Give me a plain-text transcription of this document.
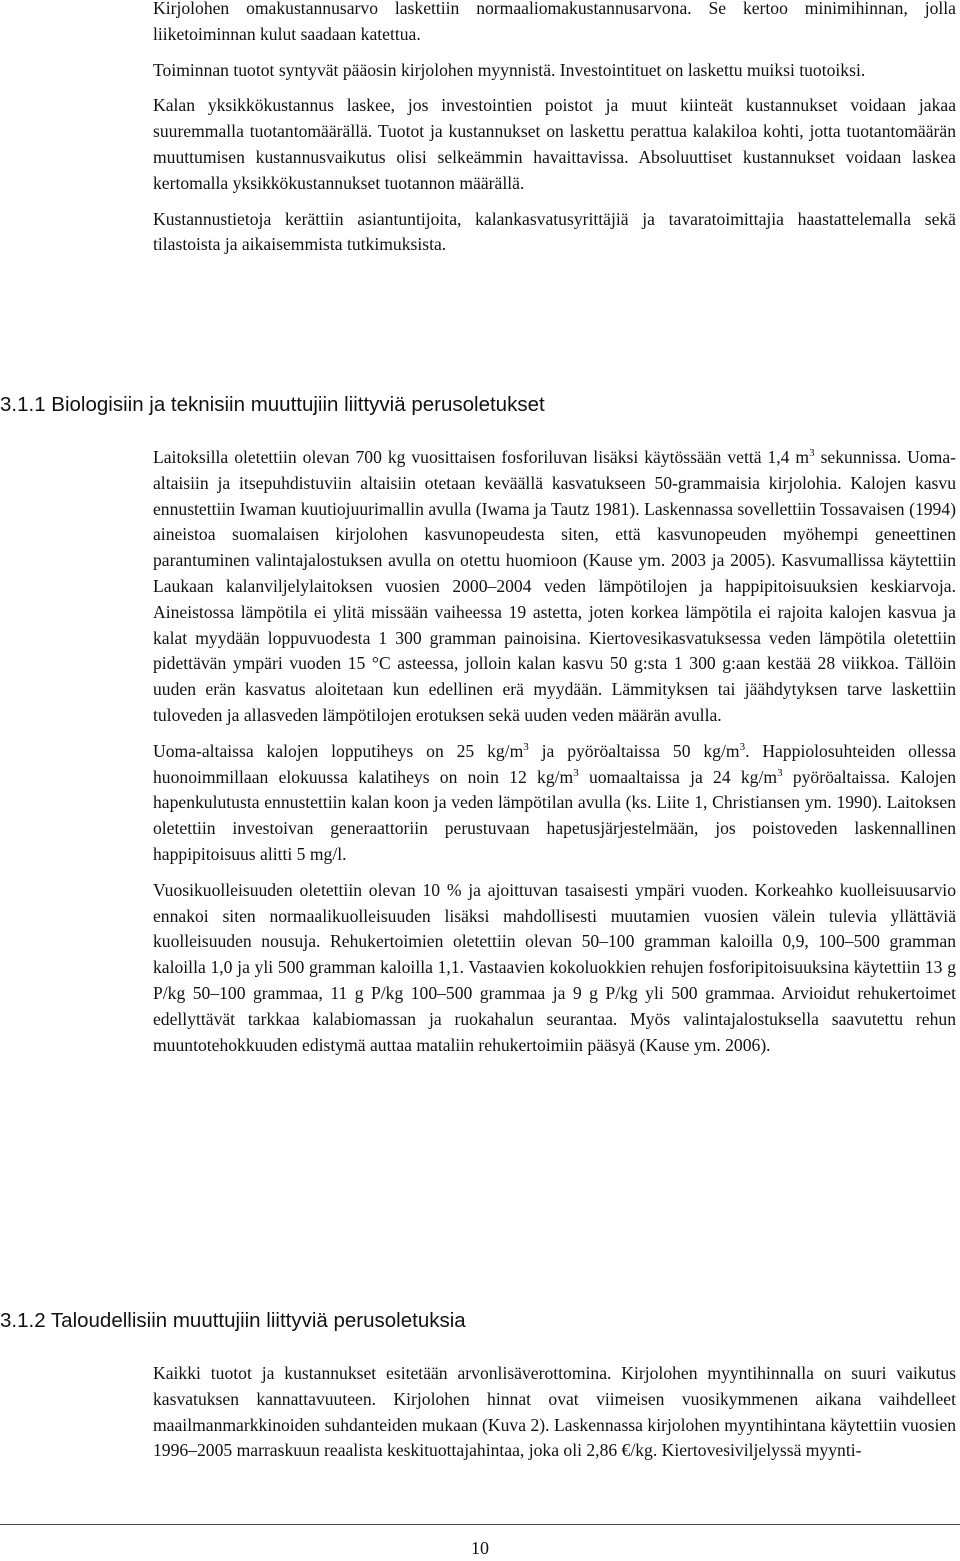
Kirjolohen omakustannusarvo laskettiin normaaliomakustannusarvona. Se kertoo minimihinnan, jolla liiketoiminnan kulut saadaan katettua.

Toiminnan tuotot syntyvät pääosin kirjolohen myynnistä. Investointituet on laskettu muiksi tuotoiksi.

Kalan yksikkökustannus laskee, jos investointien poistot ja muut kiinteät kustannukset voidaan jakaa suuremmalla tuotantomäärällä. Tuotot ja kustannukset on laskettu perattua kalakiloa kohti, jotta tuotantomäärän muuttumisen kustannusvaikutus olisi selkeämmin havaittavissa. Absoluuttiset kustannukset voidaan laskea kertomalla yksikkökustannukset tuotannon määrällä.

Kustannustietoja kerättiin asiantuntijoita, kalankasvatusyrittäjiä ja tavaratoimittajia haastattelemalla sekä tilastoista ja aikaisemmista tutkimuksista.

3.1.1 Biologisiin ja teknisiin muuttujiin liittyviä perusoletukset

Laitoksilla oletettiin olevan 700 kg vuosittaisen fosforiluvan lisäksi käytössään vettä 1,4 $m^3$ sekunnissa. Uoma-altaisiin ja itsepuhdistuviin altaisiin otetaan keväällä kasvatukseen 50-grammaisia kirjolohia. Kalojen kasvu ennustettiin Iwaman kuutiojuurimallin avulla (Iwama ja Tautz 1981). Laskennassa sovellettiin Tossavaisen (1994) aineistoa suomalaisen kirjolohen kasvunopeudesta siten, että kasvunopeuden myöhempi geneettinen parantuminen valintajalostuksen avulla on otettu huomioon (Kause ym. 2003 ja 2005). Kasvumallissa käytettiin Laukaan kalanviljelylaitoksen vuosien 2000–2004 veden lämpötilojen ja happipitoisuuksien keskiarvoja. Aineistossa lämpötila ei ylitä missään vaiheessa 19 astetta, joten korkea lämpötila ei rajoita kalojen kasvua ja kalat myydään loppuvuodesta 1 300 gramman painoisina. Kiertovesikasvatuksessa veden lämpötila oletettiin pidettävän ympäri vuoden 15 °C asteessa, jolloin kalan kasvu 50 g:sta 1 300 g:aan kestää 28 viikkoa. Tällöin uuden erän kasvatus aloitetaan kun edellinen erä myydään. Lämmityksen tai jäähdytyksen tarve laskettiin tuloveden ja allasveden lämpötilojen erotuksen sekä uuden veden määrän avulla.

Uoma-altaissa kalojen lopputiheys on 25 $kg/m^3$ ja pyöröaltaissa 50 $kg/m^3$. Happiolosuhteiden ollessa huonoimmillaan elokuussa kalatiheys on noin 12 $kg/m^3$ uomaaltaissa ja 24 $kg/m^3$ pyöröaltaissa. Kalojen hapenkulutusta ennustettiin kalan koon ja veden lämpötilan avulla (ks. Liite 1, Christiansen ym. 1990). Laitoksen oletettiin investoivan generaattoriin perustuvaan hapetusjärjestelmään, jos poistoveden laskennallinen happipitoisuus alitti 5 mg/l.

Vuosikuolleisuuden oletettiin olevan 10 % ja ajoittuvan tasaisesti ympäri vuoden. Korkeahko kuolleisuusarvio ennakoi siten normaalikuolleisuuden lisäksi mahdollisesti muutamien vuosien välein tulevia yllättäviä kuolleisuuden nousuja. Rehukertoimien oletettiin olevan 50–100 gramman kaloilla 0,9, 100–500 gramman kaloilla 1,0 ja yli 500 gramman kaloilla 1,1. Vastaavien kokoluokkien rehujen fosforipitoisuuksina käytettiin 13 g P/kg 50–100 grammaa, 11 g P/kg 100–500 grammaa ja 9 g P/kg yli 500 grammaa. Arvioidut rehukertoimet edellyttävät tarkkaa kalabiomassan ja ruokahalun seurantaa. Myös valintajalostuksella saavutettu rehun muuntotehokkuuden edistymä auttaa mataliin rehukertoimiin pääsyä (Kause ym. 2006).

3.1.2 Taloudellisiin muuttujiin liittyviä perusoletuksia

Kaikki tuotot ja kustannukset esitetään arvonlisäverottomina. Kirjolohen myyntihinnalla on suuri vaikutus kasvatuksen kannattavuuteen. Kirjolohen hinnat ovat viimeisen vuosikymmenen aikana vaihdelleet maailmanmarkkinoiden suhdanteiden mukaan (Kuva 2). Laskennassa kirjolohen myyntihintana käytettiin vuosien 1996–2005 marraskuun reaalista keskituottajahintaa, joka oli 2,86 €/kg. Kiertovesiviljelyssä myynti-

10
